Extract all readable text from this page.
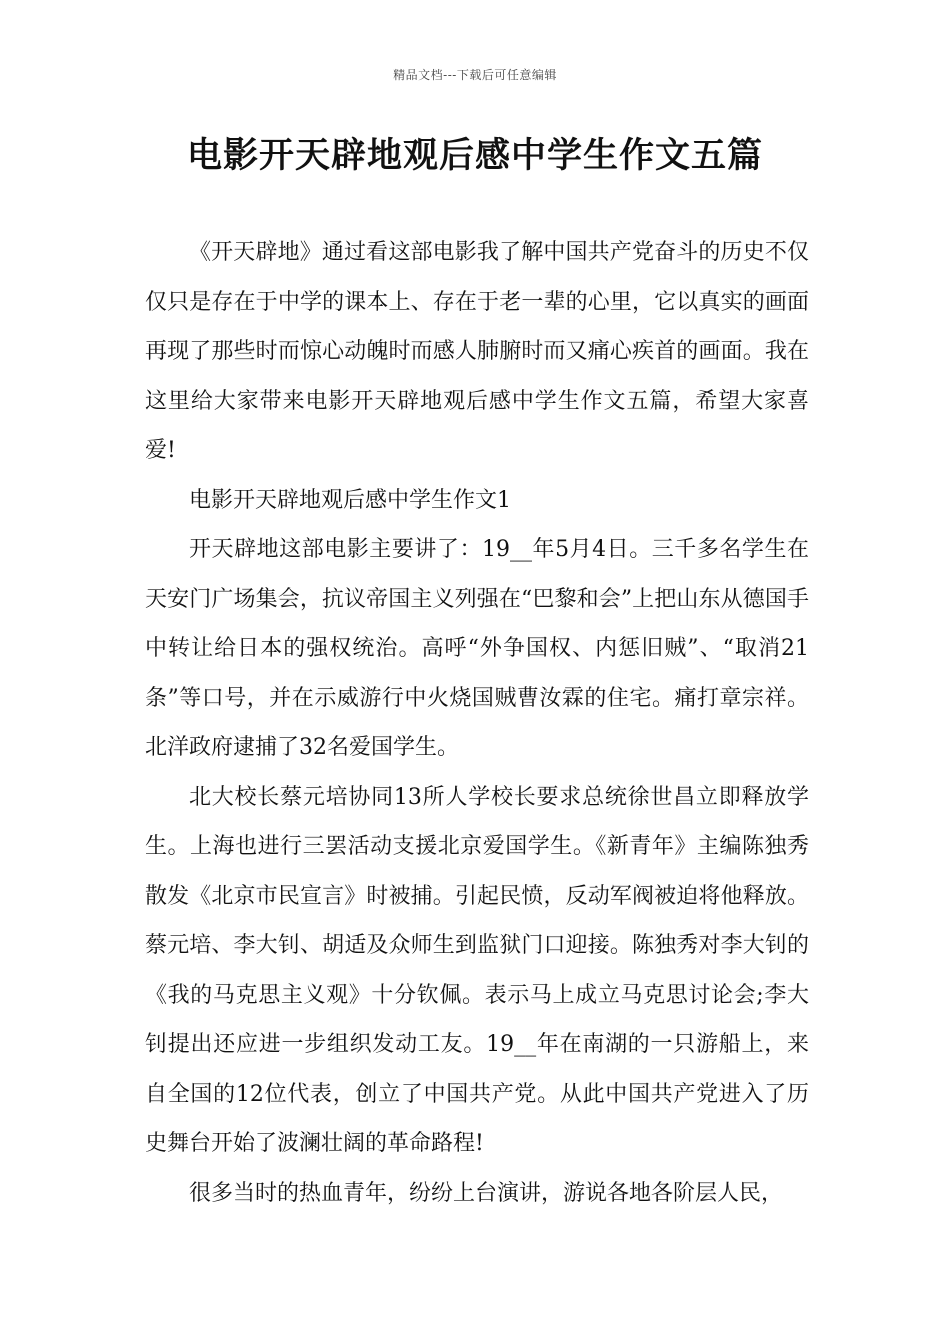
精品文档---下载后可任意编辑
电影开天辟地观后感中学生作文五篇

《开天辟地》通过看这部电影我了解中国共产党奋斗的历史不仅仅只是存在于中学的课本上、存在于老一辈的心里，它以真实的画面再现了那些时而惊心动魄时而感人肺腑时而又痛心疾首的画面。我在这里给大家带来电影开天辟地观后感中学生作文五篇，希望大家喜爱!

电影开天辟地观后感中学生作文1

开天辟地这部电影主要讲了：19__年5月4日。三千多名学生在天安门广场集会，抗议帝国主义列强在“巴黎和会”上把山东从德国手中转让给日本的强权统治。高呼“外争国权、内惩旧贼”、“取消21条”等口号，并在示威游行中火烧国贼曹汝霖的住宅。痛打章宗祥。北洋政府逮捕了32名爱国学生。

北大校长蔡元培协同13所人学校长要求总统徐世昌立即释放学生。上海也进行三罢活动支援北京爱国学生。《新青年》主编陈独秀散发《北京市民宣言》时被捕。引起民愤，反动军阀被迫将他释放。蔡元培、李大钊、胡适及众师生到监狱门口迎接。陈独秀对李大钊的《我的马克思主义观》十分钦佩。表示马上成立马克思讨论会;李大钊提出还应进一步组织发动工友。19__年在南湖的一只游船上，来自全国的12位代表，创立了中国共产党。从此中国共产党进入了历史舞台开始了波澜壮阔的革命路程!

很多当时的热血青年，纷纷上台演讲，游说各地各阶层人民，
